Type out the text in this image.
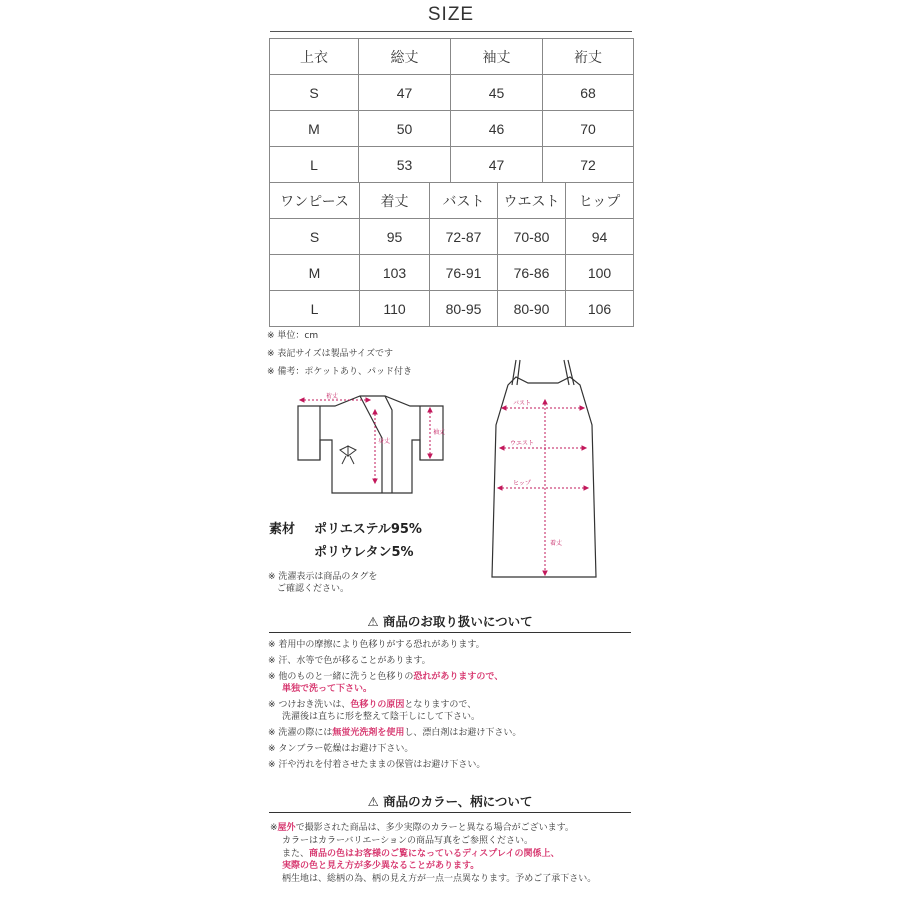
SIZE
上衣	総丈	袖丈	裄丈
S	47	45	68
M	50	46	70
L	53	47	72
ワンピース	着丈	バスト	ウエスト	ヒップ
S	95	72-87	70-80	94
M	103	76-91	76-86	100
L	110	80-95	80-90	106
※ 単位：cm
※ 表記サイズは製品サイズです
※ 備考：ポケットあり、パッド付き
裄丈
身丈
袖丈
バスト
ウエスト
ヒップ
着丈
素材 ポリエステル95%
ポリウレタン5%
※ 洗濯表示は商品のタグを
ご確認ください。
⚠ 商品のお取り扱いについて
※ 着用中の摩擦により色移りがする恐れがあります。
※ 汗、水等で色が移ることがあります。
※ 他のものと一緒に洗うと色移りの恐れがありますので、
単独で洗って下さい。
※ つけおき洗いは、色移りの原因となりますので、
洗濯後は直ちに形を整えて陰干しにして下さい。
※ 洗濯の際には無蛍光洗剤を使用し、漂白剤はお避け下さい。
※ タンブラー乾燥はお避け下さい。
※ 汗や汚れを付着させたままの保管はお避け下さい。
⚠ 商品のカラー、柄について
※屋外で撮影された商品は、多少実際のカラーと異なる場合がございます。
カラーはカラーバリエーションの商品写真をご参照ください。
また、商品の色はお客様のご覧になっているディスプレイの関係上、
実際の色と見え方が多少異なることがあります。
柄生地は、総柄の為、柄の見え方が一点一点異なります。予めご了承下さい。
